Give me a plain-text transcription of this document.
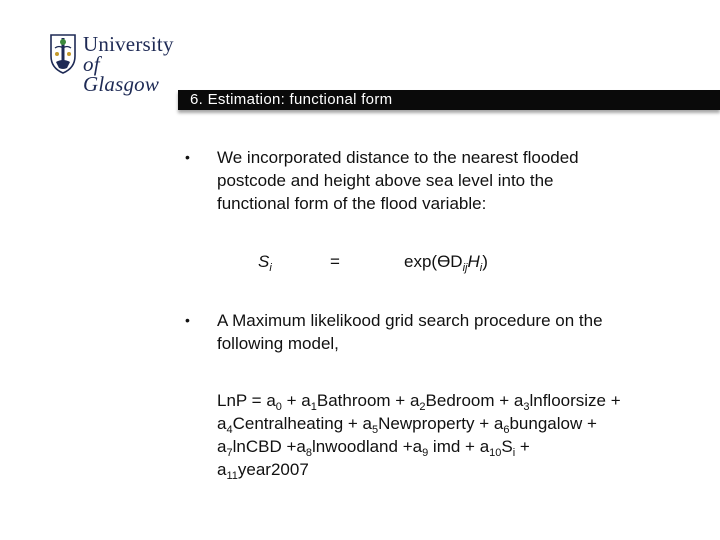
University
of Glasgow
6. Estimation: functional form
• We incorporated distance to the nearest flooded
postcode and height above sea level into the
functional form of the flood variable:
$S_i$	=	$\exp(ϴD_{ij}H_i)$
• A Maximum likelikood grid search procedure on the
following model,
LnP = $a_0$ + $a_1Bathroom$ + $a_2Bedroom$ + $a_3lnfloorsize$ +
$a_4Centralheating$ + $a_5Newproperty$ + $a_6bungalow$ +
$a_7lnCBD$ $+a_8lnwoodland +a_9$ imd + $a_{10}S_i$ +
$a_{11}year2007$
